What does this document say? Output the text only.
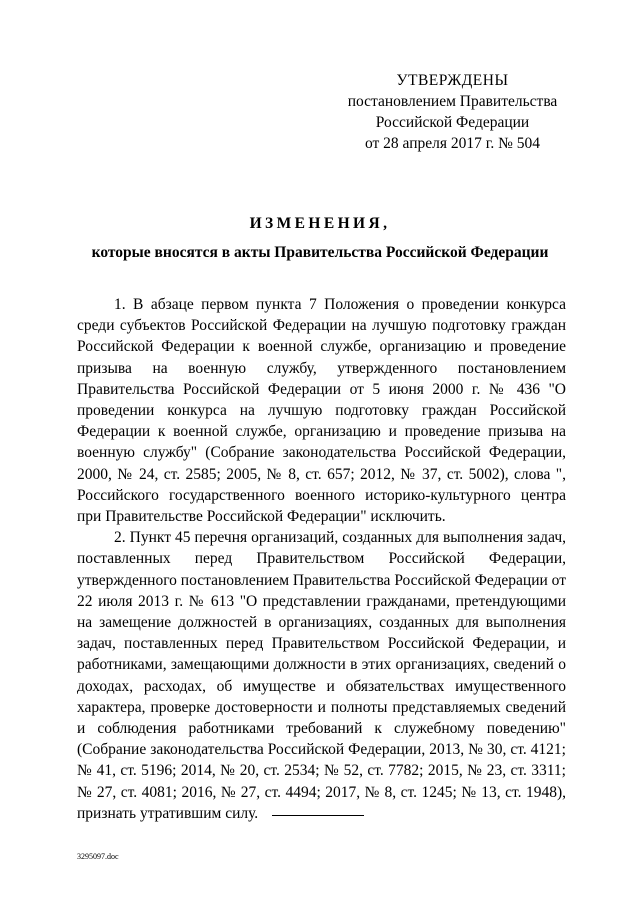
УТВЕРЖДЕНЫ
постановлением Правительства
Российской Федерации
от 28 апреля 2017 г. № 504
ИЗМЕНЕНИЯ,
которые вносятся в акты Правительства Российской Федерации

1. В абзаце первом пункта 7 Положения о проведении конкурса среди субъектов Российской Федерации на лучшую подготовку граждан Российской Федерации к военной службе, организацию и проведение призыва на военную службу, утвержденного постановлением Правительства Российской Федерации от 5 июня 2000 г. № 436 "О проведении конкурса на лучшую подготовку граждан Российской Федерации к военной службе, организацию и проведение призыва на военную службу" (Собрание законодательства Российской Федерации, 2000, № 24, ст. 2585; 2005, № 8, ст. 657; 2012, № 37, ст. 5002), слова ", Российского государственного военного историко-культурного центра при Правительстве Российской Федерации" исключить.

2. Пункт 45 перечня организаций, созданных для выполнения задач, поставленных перед Правительством Российской Федерации, утвержденного постановлением Правительства Российской Федерации от 22 июля 2013 г. № 613 "О представлении гражданами, претендующими на замещение должностей в организациях, созданных для выполнения задач, поставленных перед Правительством Российской Федерации, и работниками, замещающими должности в этих организациях, сведений о доходах, расходах, об имуществе и обязательствах имущественного характера, проверке достоверности и полноты представляемых сведений и соблюдения работниками требований к служебному поведению" (Собрание законодательства Российской Федерации, 2013, № 30, ст. 4121; № 41, ст. 5196; 2014, № 20, ст. 2534; № 52, ст. 7782; 2015, № 23, ст. 3311; № 27, ст. 4081; 2016, № 27, ст. 4494; 2017, № 8, ст. 1245; № 13, ст. 1948), признать утратившим силу.

3295097.doc
